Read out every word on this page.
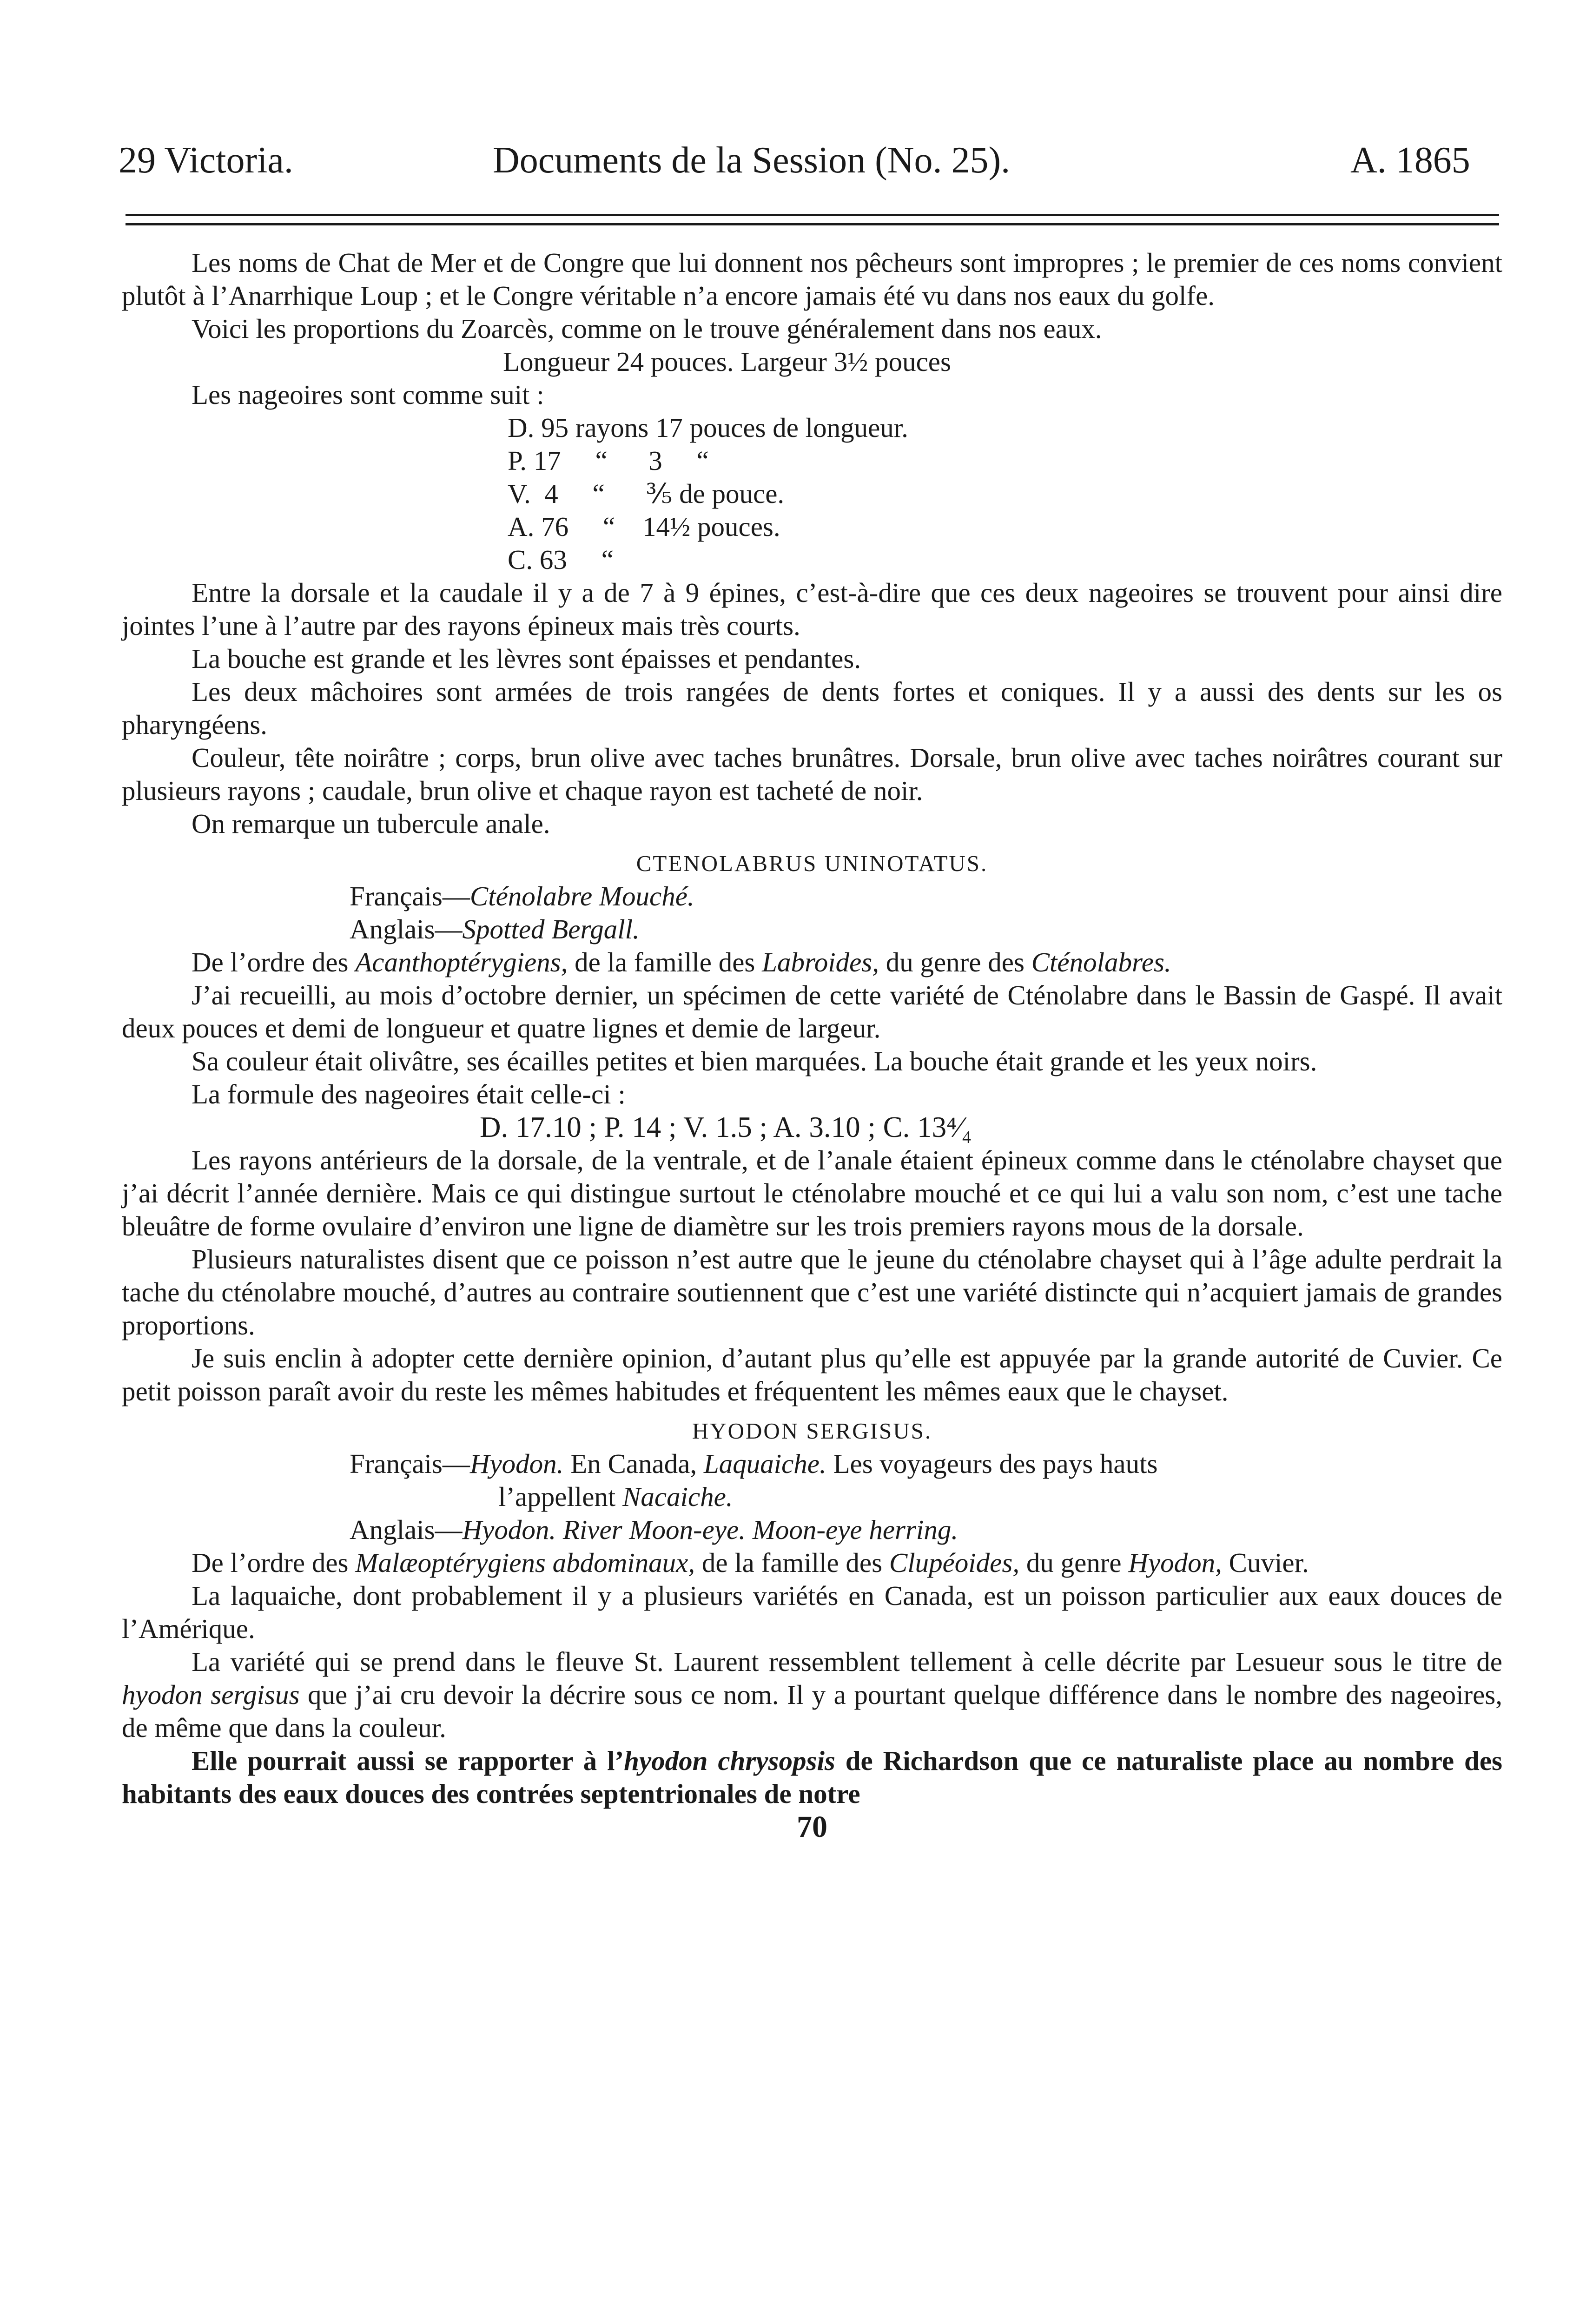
29 Victoria.	Documents de la Session (No. 25).	A. 1865

Les noms de Chat de Mer et de Congre que lui donnent nos pêcheurs sont impropres ; le premier de ces noms convient plutôt à l’Anarrhique Loup ; et le Congre véritable n’a encore jamais été vu dans nos eaux du golfe.

Voici les proportions du Zoarcès, comme on le trouve généralement dans nos eaux.

Longueur 24 pouces. Largeur 3½ pouces

Les nageoires sont comme suit :

D. 95 rayons 17 pouces de longueur.
P. 17     “      3     “
V.  4     “      ⅗ de pouce.
A. 76     “    14½ pouces.
C. 63     “

Entre la dorsale et la caudale il y a de 7 à 9 épines, c’est-à-dire que ces deux nageoires se trouvent pour ainsi dire jointes l’une à l’autre par des rayons épineux mais très courts.

La bouche est grande et les lèvres sont épaisses et pendantes.

Les deux mâchoires sont armées de trois rangées de dents fortes et coniques. Il y a aussi des dents sur les os pharyngéens.

Couleur, tête noirâtre ; corps, brun olive avec taches brunâtres. Dorsale, brun olive avec taches noirâtres courant sur plusieurs rayons ; caudale, brun olive et chaque rayon est tacheté de noir.

On remarque un tubercule anale.

CTENOLABRUS UNINOTATUS.

Français—Cténolabre Mouché.
Anglais—Spotted Bergall.

De l’ordre des Acanthoptérygiens, de la famille des Labroides, du genre des Cténolabres.

J’ai recueilli, au mois d’octobre dernier, un spécimen de cette variété de Cténolabre dans le Bassin de Gaspé. Il avait deux pouces et demi de longueur et quatre lignes et demie de largeur.

Sa couleur était olivâtre, ses écailles petites et bien marquées. La bouche était grande et les yeux noirs.

La formule des nageoires était celle-ci :

D. 17.10 ; P. 14 ; V. 1.5 ; A. 3.10 ; C. 13⁴⁄₄

Les rayons antérieurs de la dorsale, de la ventrale, et de l’anale étaient épineux comme dans le cténolabre chayset que j’ai décrit l’année dernière. Mais ce qui distingue surtout le cténolabre mouché et ce qui lui a valu son nom, c’est une tache bleuâtre de forme ovulaire d’environ une ligne de diamètre sur les trois premiers rayons mous de la dorsale.

Plusieurs naturalistes disent que ce poisson n’est autre que le jeune du cténolabre chayset qui à l’âge adulte perdrait la tache du cténolabre mouché, d’autres au contraire soutiennent que c’est une variété distincte qui n’acquiert jamais de grandes proportions.

Je suis enclin à adopter cette dernière opinion, d’autant plus qu’elle est appuyée par la grande autorité de Cuvier. Ce petit poisson paraît avoir du reste les mêmes habitudes et fréquentent les mêmes eaux que le chayset.

HYODON SERGISUS.

Français—Hyodon. En Canada, Laquaiche. Les voyageurs des pays hauts
l’appellent Nacaiche.
Anglais—Hyodon. River Moon-eye. Moon-eye herring.

De l’ordre des Malæoptérygiens abdominaux, de la famille des Clupéoides, du genre Hyodon, Cuvier.

La laquaiche, dont probablement il y a plusieurs variétés en Canada, est un poisson particulier aux eaux douces de l’Amérique.

La variété qui se prend dans le fleuve St. Laurent ressemblent tellement à celle décrite par Lesueur sous le titre de hyodon sergisus que j’ai cru devoir la décrire sous ce nom. Il y a pourtant quelque différence dans le nombre des nageoires, de même que dans la couleur.

Elle pourrait aussi se rapporter à l’hyodon chrysopsis de Richardson que ce naturaliste place au nombre des habitants des eaux douces des contrées septentrionales de notre

70
